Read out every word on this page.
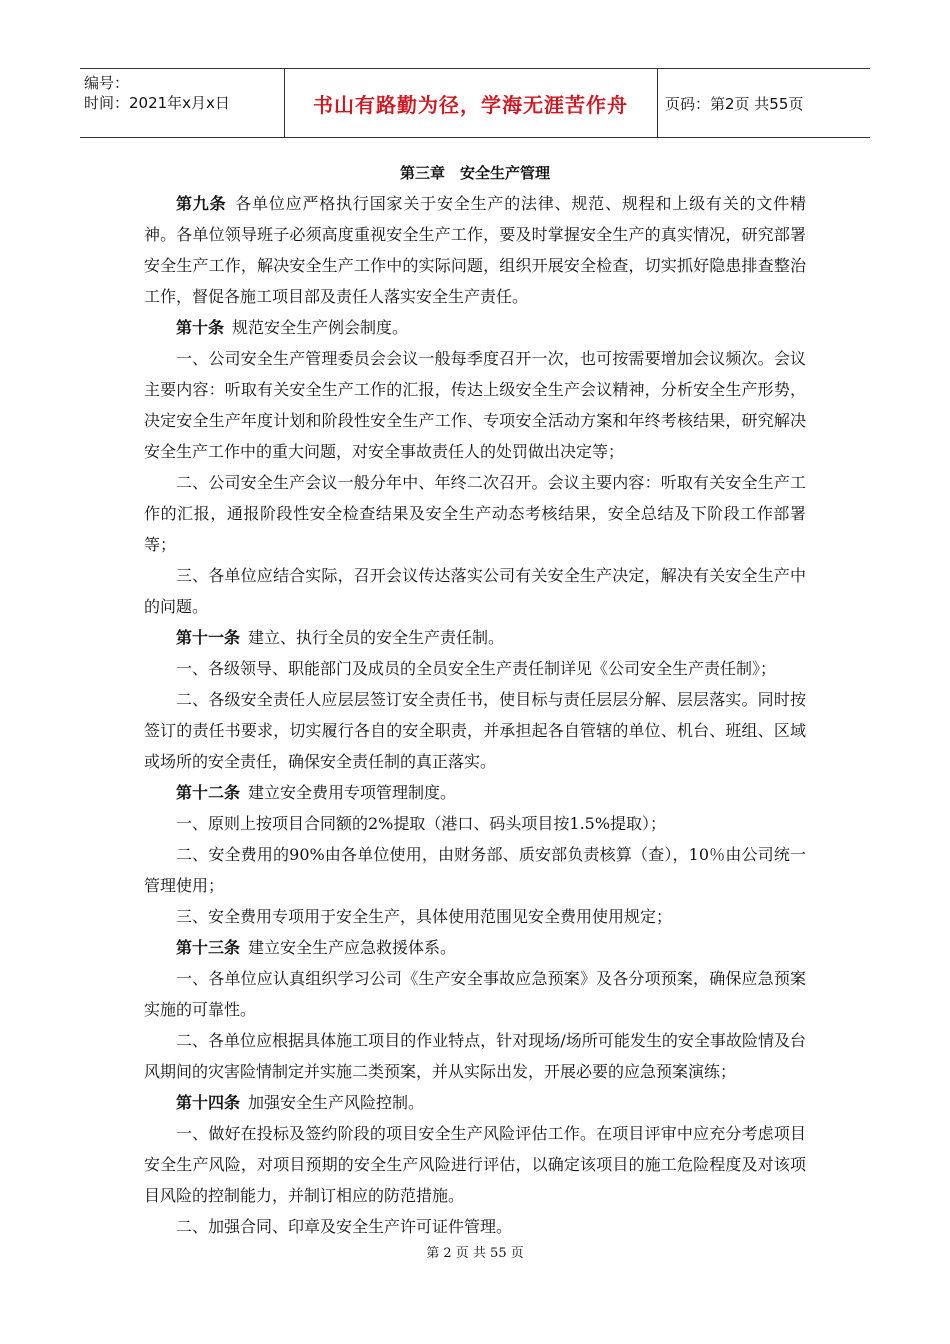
编号：
时间：2021年x月x日	书山有路勤为径，学海无涯苦作舟	页码：第2页 共55页
第三章　安全生产管理

第九条  各单位应严格执行国家关于安全生产的法律、规范、规程和上级有关的文件精神。各单位领导班子必须高度重视安全生产工作，要及时掌握安全生产的真实情况，研究部署安全生产工作，解决安全生产工作中的实际问题，组织开展安全检查，切实抓好隐患排查整治工作，督促各施工项目部及责任人落实安全生产责任。

第十条  规范安全生产例会制度。

一、公司安全生产管理委员会会议一般每季度召开一次，也可按需要增加会议频次。会议主要内容：听取有关安全生产工作的汇报，传达上级安全生产会议精神，分析安全生产形势，决定安全生产年度计划和阶段性安全生产工作、专项安全活动方案和年终考核结果，研究解决安全生产工作中的重大问题，对安全事故责任人的处罚做出决定等；

二、公司安全生产会议一般分年中、年终二次召开。会议主要内容：听取有关安全生产工作的汇报，通报阶段性安全检查结果及安全生产动态考核结果，安全总结及下阶段工作部署等；

三、各单位应结合实际，召开会议传达落实公司有关安全生产决定，解决有关安全生产中的问题。

第十一条  建立、执行全员的安全生产责任制。

一、各级领导、职能部门及成员的全员安全生产责任制详见《公司安全生产责任制》；

二、各级安全责任人应层层签订安全责任书，使目标与责任层层分解、层层落实。同时按签订的责任书要求，切实履行各自的安全职责，并承担起各自管辖的单位、机台、班组、区域或场所的安全责任，确保安全责任制的真正落实。

第十二条  建立安全费用专项管理制度。

一、原则上按项目合同额的2%提取（港口、码头项目按1.5%提取）；

二、安全费用的90%由各单位使用，由财务部、质安部负责核算（查），10％由公司统一管理使用；

三、安全费用专项用于安全生产，具体使用范围见安全费用使用规定；

第十三条  建立安全生产应急救援体系。

一、各单位应认真组织学习公司《生产安全事故应急预案》及各分项预案，确保应急预案实施的可靠性。

二、各单位应根据具体施工项目的作业特点，针对现场/场所可能发生的安全事故险情及台风期间的灾害险情制定并实施二类预案，并从实际出发，开展必要的应急预案演练；

第十四条  加强安全生产风险控制。

一、做好在投标及签约阶段的项目安全生产风险评估工作。在项目评审中应充分考虑项目安全生产风险，对项目预期的安全生产风险进行评估，以确定该项目的施工危险程度及对该项目风险的控制能力，并制订相应的防范措施。

二、加强合同、印章及安全生产许可证件管理。

第 2 页 共 55 页
